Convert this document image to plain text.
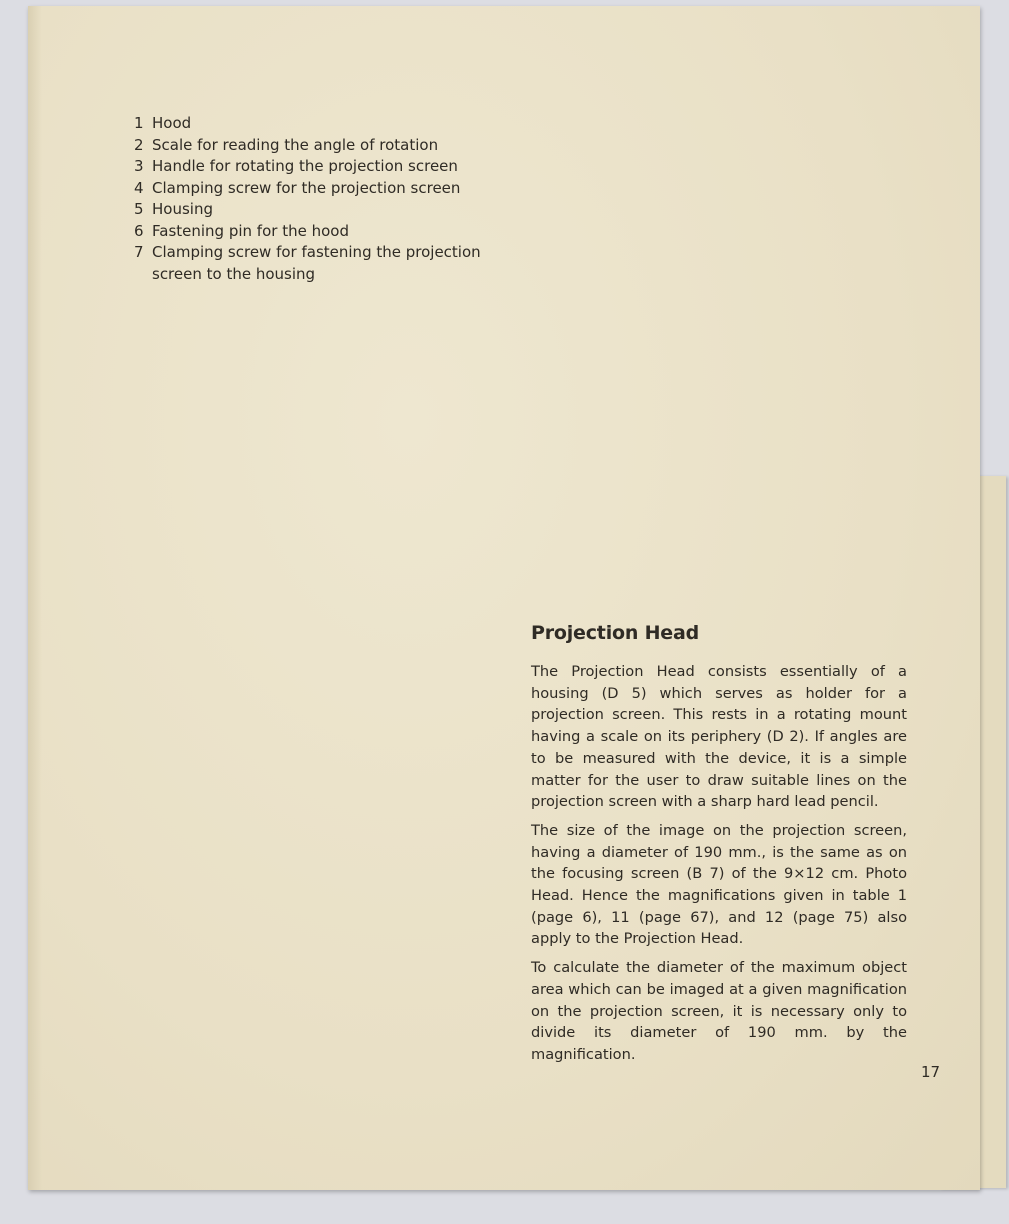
1 Hood
2 Scale for reading the angle of rotation
3 Handle for rotating the projection screen
4 Clamping screw for the projection screen
5 Housing
6 Fastening pin for the hood
7 Clamping screw for fastening the projection screen to the housing
Projection Head

The Projection Head consists essentially of a housing (D 5) which serves as holder for a projection screen. This rests in a rotating mount having a scale on its periphery (D 2). If angles are to be measured with the device, it is a simple matter for the user to draw suitable lines on the projection screen with a sharp hard lead pencil.

The size of the image on the projection screen, having a diameter of 190 mm., is the same as on the focusing screen (B 7) of the 9×12 cm. Photo Head. Hence the magnifications given in table 1 (page 6), 11 (page 67), and 12 (page 75) also apply to the Projection Head.

To calculate the diameter of the maximum object area which can be imaged at a given magnification on the projection screen, it is necessary only to divide its diameter of 190 mm. by the magnification.

17
